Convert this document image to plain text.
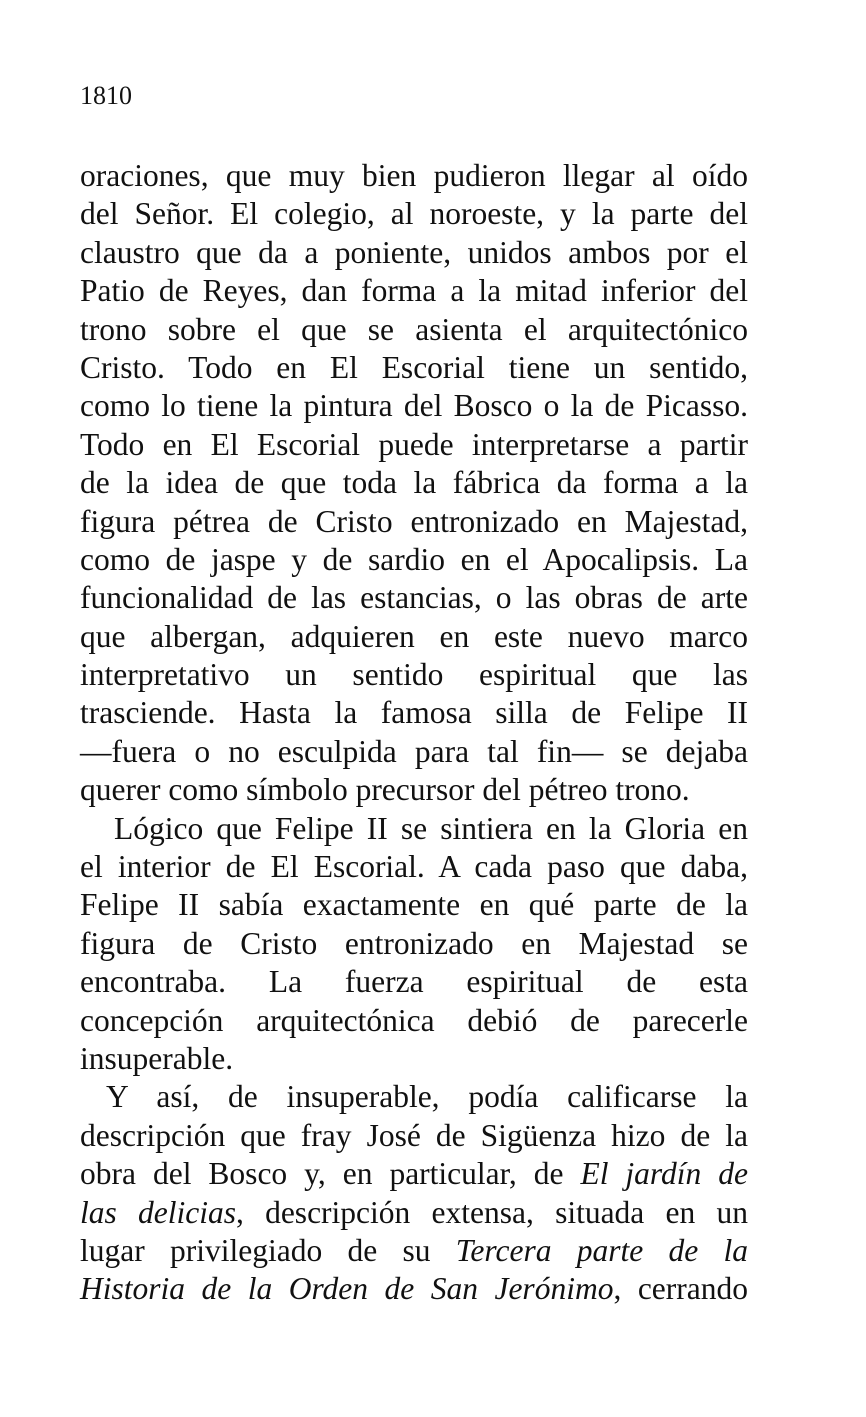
1810
oraciones, que muy bien pudieron llegar al oído
del Señor. El colegio, al noroeste, y la parte del
claustro que da a poniente, unidos ambos por el
Patio de Reyes, dan forma a la mitad inferior del
trono sobre el que se asienta el arquitectónico
Cristo. Todo en El Escorial tiene un sentido,
como lo tiene la pintura del Bosco o la de Picasso.
Todo en El Escorial puede interpretarse a partir
de la idea de que toda la fábrica da forma a la
figura pétrea de Cristo entronizado en Majestad,
como de jaspe y de sardio en el Apocalipsis. La
funcionalidad de las estancias, o las obras de arte
que albergan, adquieren en este nuevo marco
interpretativo un sentido espiritual que las
trasciende. Hasta la famosa silla de Felipe II
—fuera o no esculpida para tal fin— se dejaba
querer como símbolo precursor del pétreo trono.
Lógico que Felipe II se sintiera en la Gloria en
el interior de El Escorial. A cada paso que daba,
Felipe II sabía exactamente en qué parte de la
figura de Cristo entronizado en Majestad se
encontraba. La fuerza espiritual de esta
concepción arquitectónica debió de parecerle
insuperable.
Y así, de insuperable, podía calificarse la
descripción que fray José de Sigüenza hizo de la
obra del Bosco y, en particular, de El jardín de
las delicias, descripción extensa, situada en un
lugar privilegiado de su Tercera parte de la
Historia de la Orden de San Jerónimo, cerrando
